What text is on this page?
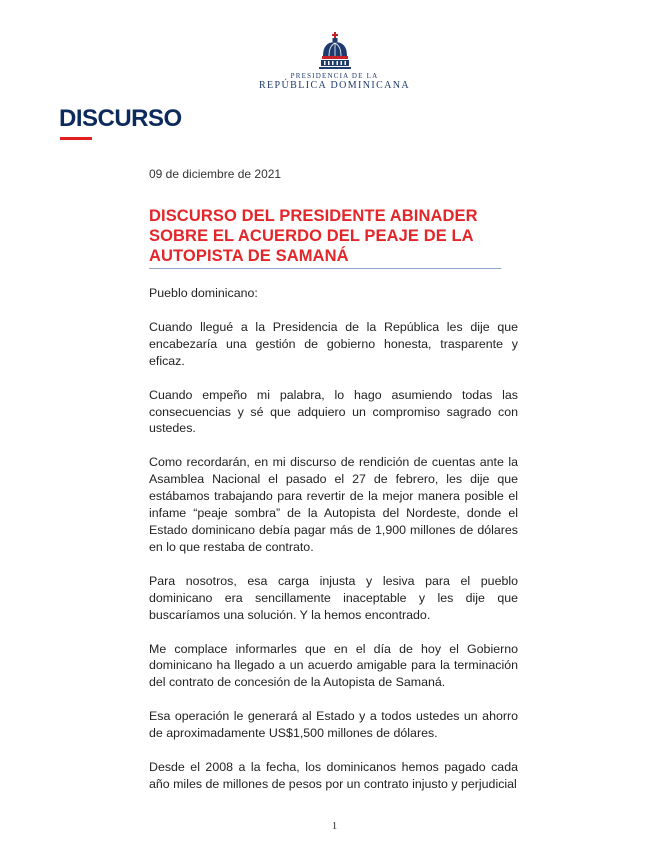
PRESIDENCIA DE LA
REPÚBLICA DOMINICANA
DISCURSO

09 de diciembre de 2021

DISCURSO DEL PRESIDENTE ABINADER SOBRE EL ACUERDO DEL PEAJE DE LA AUTOPISTA DE SAMANÁ

Pueblo dominicano:

Cuando llegué a la Presidencia de la República les dije que encabezaría una gestión de gobierno honesta, trasparente y eficaz.

Cuando empeño mi palabra, lo hago asumiendo todas las consecuencias y sé que adquiero un compromiso sagrado con ustedes.

Como recordarán, en mi discurso de rendición de cuentas ante la Asamblea Nacional el pasado el 27 de febrero, les dije que estábamos trabajando para revertir de la mejor manera posible el infame “peaje sombra” de la Autopista del Nordeste, donde el Estado dominicano debía pagar más de 1,900 millones de dólares en lo que restaba de contrato.

Para nosotros, esa carga injusta y lesiva para el pueblo dominicano era sencillamente inaceptable y les dije que buscaríamos una solución. Y la hemos encontrado.

Me complace informarles que en el día de hoy el Gobierno dominicano ha llegado a un acuerdo amigable para la terminación del contrato de concesión de la Autopista de Samaná.

Esa operación le generará al Estado y a todos ustedes un ahorro de aproximadamente US$1,500 millones de dólares.

Desde el 2008 a la fecha, los dominicanos hemos pagado cada año miles de millones de pesos por un contrato injusto y perjudicial

1
